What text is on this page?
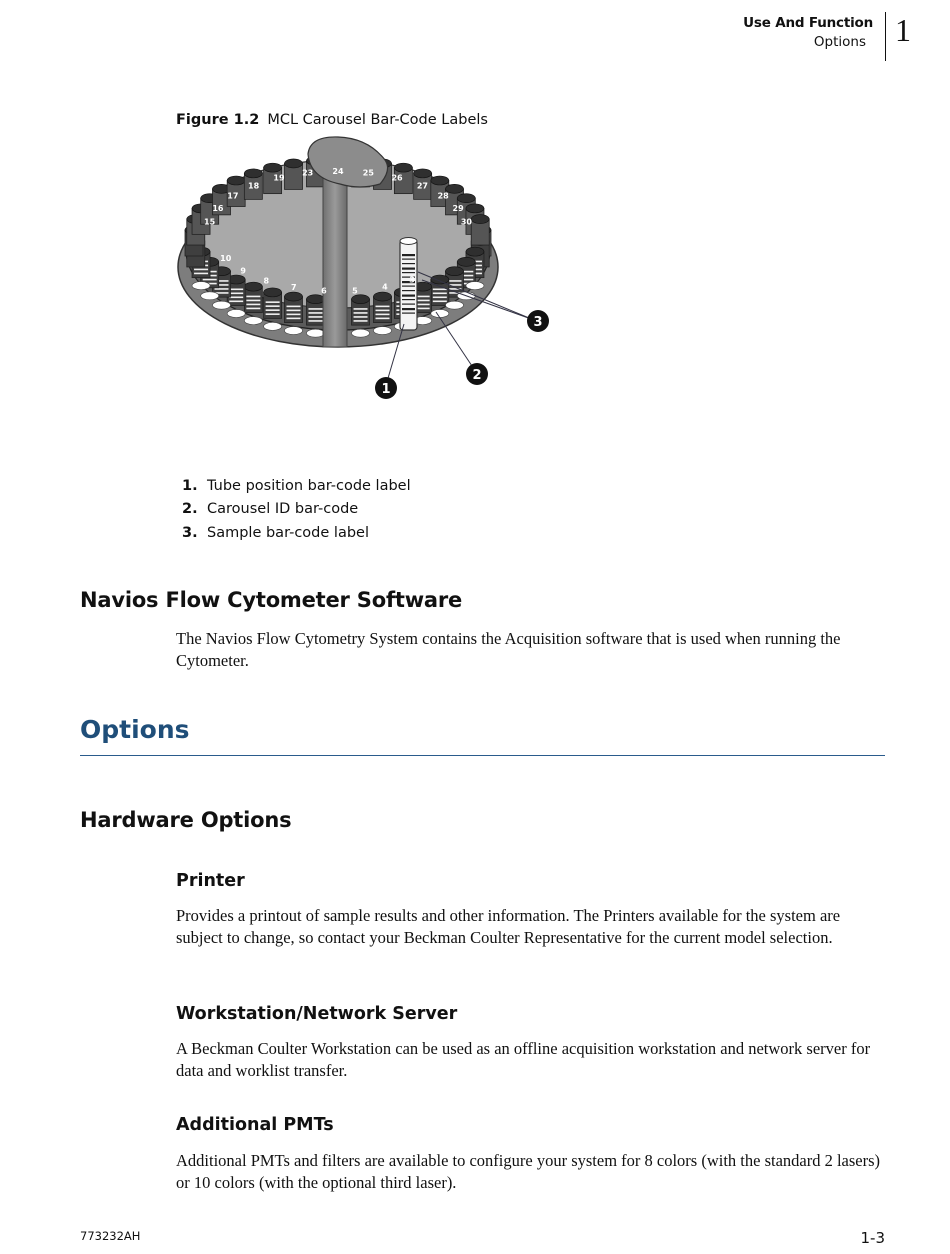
Use And Function
Options 1
Figure 1.2 MCL Carousel Bar-Code Labels
15
16
17
18
19
23 24 25
26
27
28
29
30
10
9
8
7	6	5	4
3
1
2
3
1. Tube position bar-code label
2. Carousel ID bar-code
3. Sample bar-code label
Navios Flow Cytometer Software
The Navios Flow Cytometry System contains the Acquisition software that is used when running the Cytometer.
Options
Hardware Options
Printer
Provides a printout of sample results and other information. The Printers available for the system are subject to change, so contact your Beckman Coulter Representative for the current model selection.
Workstation/Network Server
A Beckman Coulter Workstation can be used as an offline acquisition workstation and network server for data and worklist transfer.
Additional PMTs
Additional PMTs and filters are available to configure your system for 8 colors (with the standard 2 lasers) or 10 colors (with the optional third laser).
773232AH	1-3
